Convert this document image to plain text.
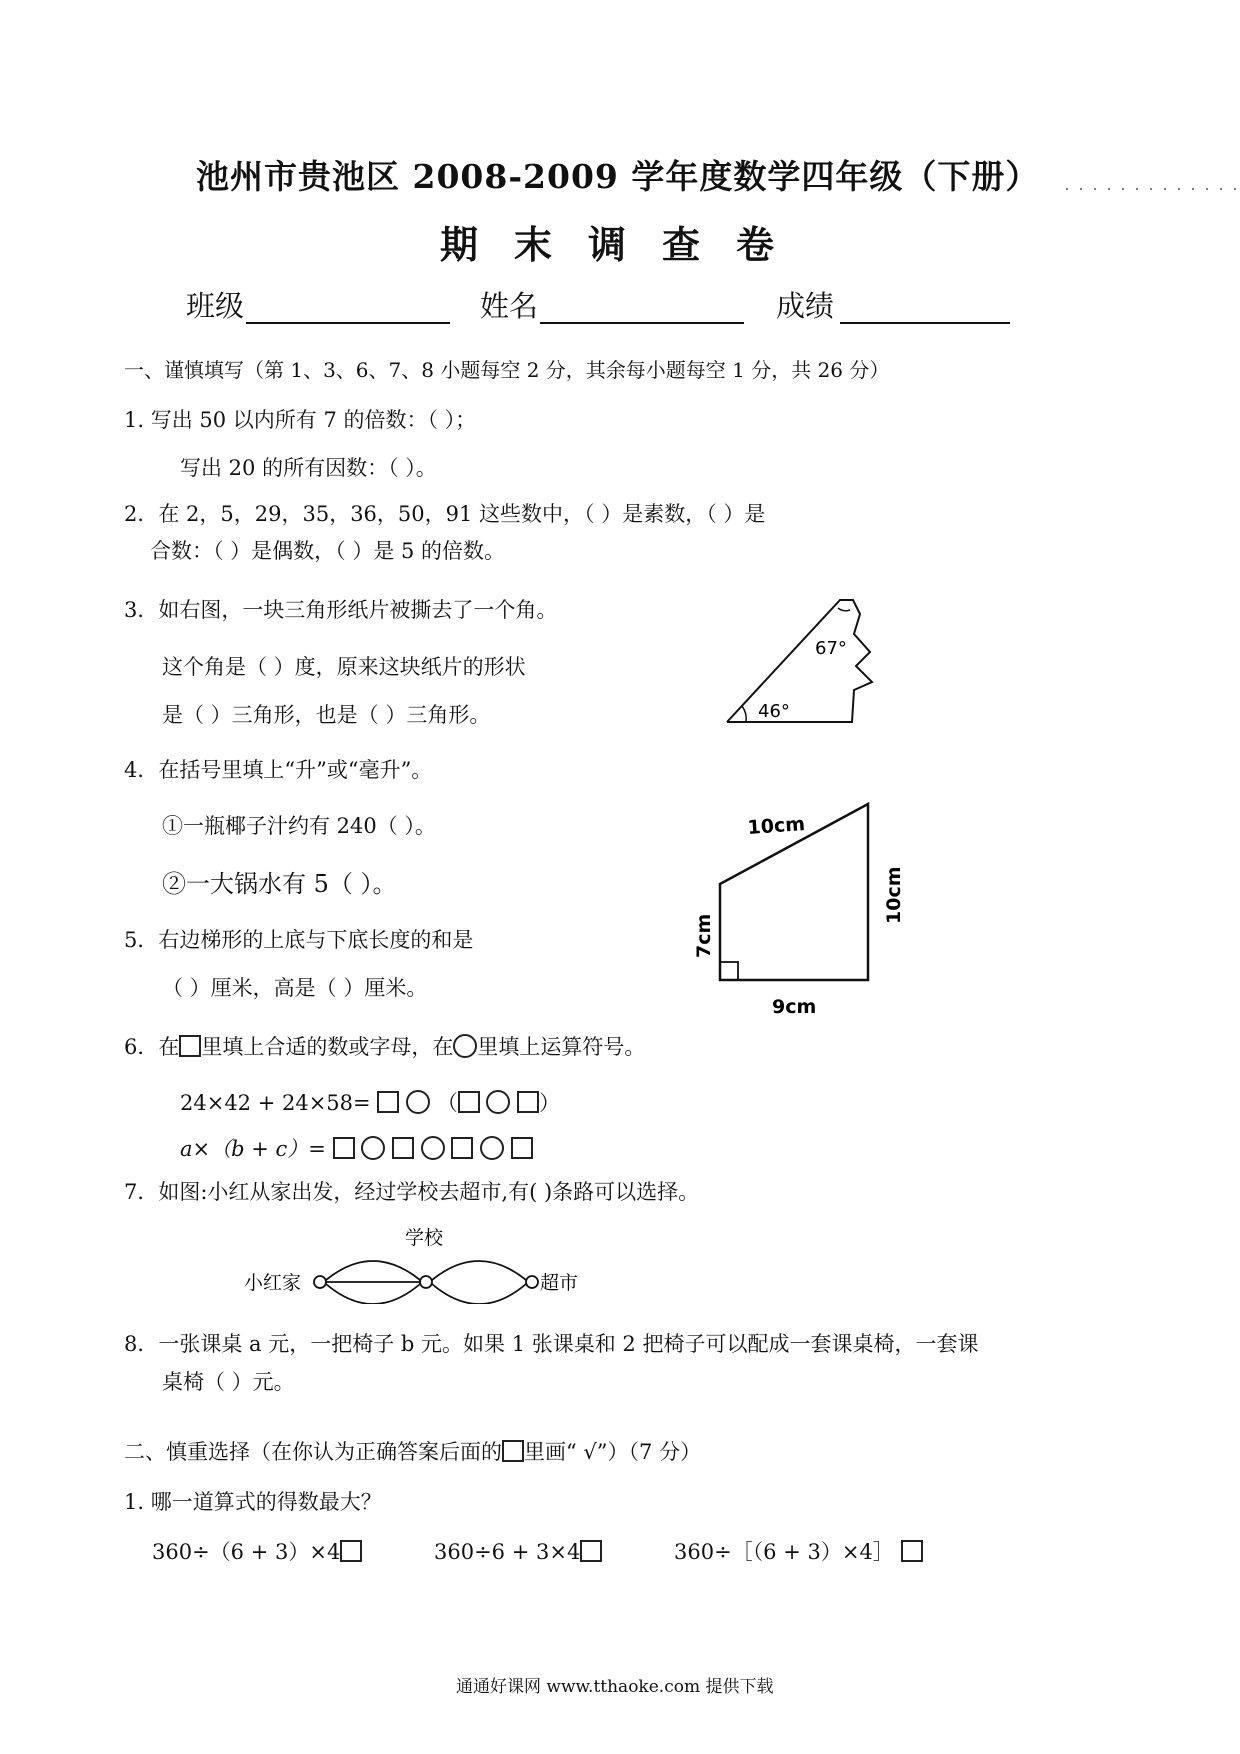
池州市贵池区 2008-2009 学年度数学四年级（下册）
期末调查卷
班级	姓名	成绩
一、谨慎填写（第 1、3、6、7、8 小题每空 2 分，其余每小题每空 1 分，共 26 分）
1. 写出 50 以内所有 7 的倍数：（ ）；
写出 20 的所有因数：（ ）。
2．在 2，5，29，35，36，50，91 这些数中，（ ）是素数，（ ）是
合数：（ ）是偶数，（ ）是 5 的倍数。
3．如右图，一块三角形纸片被撕去了一个角。
这个角是（ ）度，原来这块纸片的形状
是（ ）三角形，也是（ ）三角形。
67°
46°
4．在括号里填上“升”或“毫升”。
①一瓶椰子汁约有 240（ ）。
②一大锅水有 5（ ）。
5．右边梯形的上底与下底长度的和是
（ ）厘米，高是（ ）厘米。
10cm
10cm
7cm
9cm
6．在 里填上合适的数或字母，在 里填上运算符号。
24×42 + 24×58=	（	）
a×（b + c）=
7．如图:小红从家出发，经过学校去超市,有( )条路可以选择。
学校
小红家	超市
8．一张课桌 a 元，一把椅子 b 元。如果 1 张课桌和 2 把椅子可以配成一套课桌椅，一套课
桌椅（ ）元。
二、慎重选择（在你认为正确答案后面的 里画“ √”）（7 分）
1. 哪一道算式的得数最大？
360÷（6 + 3）×4	360÷6 + 3×4	360÷［（6 + 3）×4］
通通好课网 www.tthaoke.com 提供下载
